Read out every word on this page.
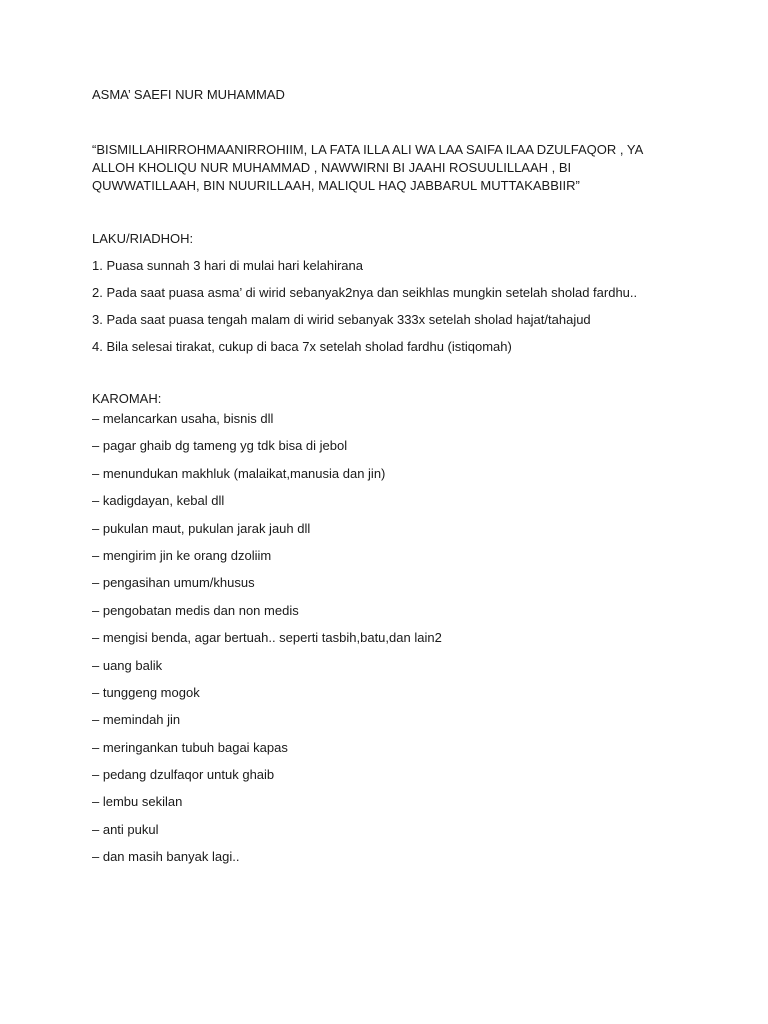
ASMA’ SAEFI NUR MUHAMMAD

“BISMILLAHIRROHMAANIRROHIIM, LA FATA ILLA ALI WA LAA SAIFA ILAA DZULFAQOR , YA ALLOH KHOLIQU NUR MUHAMMAD , NAWWIRNI BI JAAHI ROSUULILLAAH , BI QUWWATILLAAH, BIN NUURILLAAH, MALIQUL HAQ JABBARUL MUTTAKABBIIR”
LAKU/RIADHOH:
1. Puasa sunnah 3 hari di mulai hari kelahirana
2. Pada saat puasa asma’ di wirid sebanyak2nya dan seikhlas mungkin setelah sholad fardhu..
3. Pada saat puasa tengah malam di wirid sebanyak 333x setelah sholad hajat/tahajud
4. Bila selesai tirakat, cukup di baca 7x setelah sholad fardhu (istiqomah)
KAROMAH:
– melancarkan usaha, bisnis dll
– pagar ghaib dg tameng yg tdk bisa di jebol
– menundukan makhluk (malaikat,manusia dan jin)
– kadigdayan, kebal dll
– pukulan maut, pukulan jarak jauh dll
– mengirim jin ke orang dzoliim
– pengasihan umum/khusus
– pengobatan medis dan non medis
– mengisi benda, agar bertuah.. seperti tasbih,batu,dan lain2
– uang balik
– tunggeng mogok
– memindah jin
– meringankan tubuh bagai kapas
– pedang dzulfaqor untuk ghaib
– lembu sekilan
– anti pukul
– dan masih banyak lagi..
